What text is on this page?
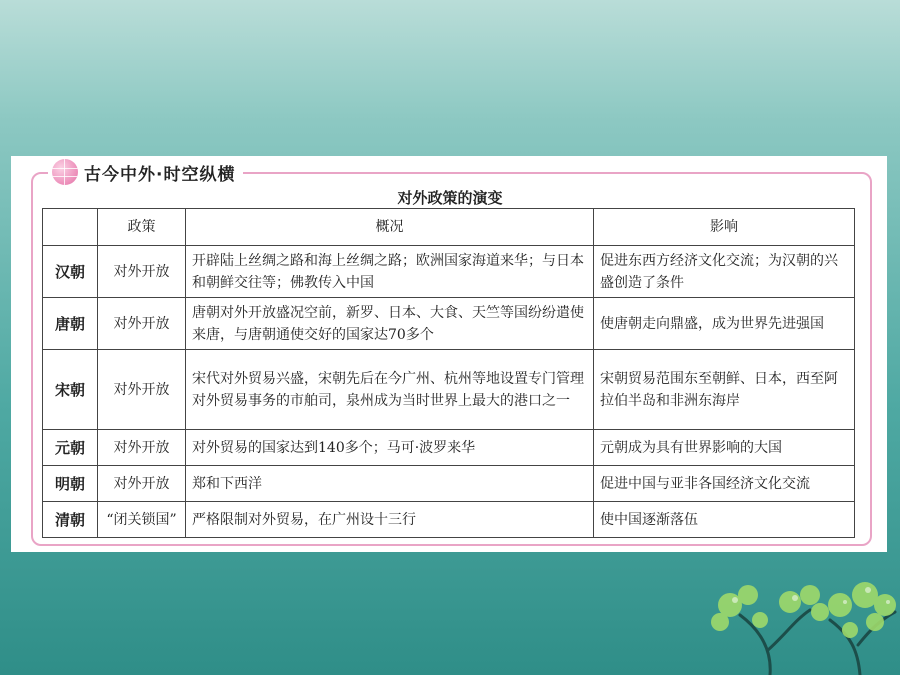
古今中外·时空纵横
对外政策的演变
	政策	概况	影响
汉朝	对外开放	开辟陆上丝绸之路和海上丝绸之路；欧洲国家海道来华；与日本和朝鲜交往等；佛教传入中国	促进东西方经济文化交流；为汉朝的兴盛创造了条件
唐朝	对外开放	唐朝对外开放盛况空前，新罗、日本、大食、天竺等国纷纷遣使来唐，与唐朝通使交好的国家达70多个	使唐朝走向鼎盛，成为世界先进强国
宋朝	对外开放	宋代对外贸易兴盛，宋朝先后在今广州、杭州等地设置专门管理对外贸易事务的市舶司，泉州成为当时世界上最大的港口之一	宋朝贸易范围东至朝鲜、日本，西至阿拉伯半岛和非洲东海岸
元朝	对外开放	对外贸易的国家达到140多个；马可·波罗来华	元朝成为具有世界影响的大国
明朝	对外开放	郑和下西洋	促进中国与亚非各国经济文化交流
清朝	“闭关锁国”	严格限制对外贸易，在广州设十三行	使中国逐渐落伍
